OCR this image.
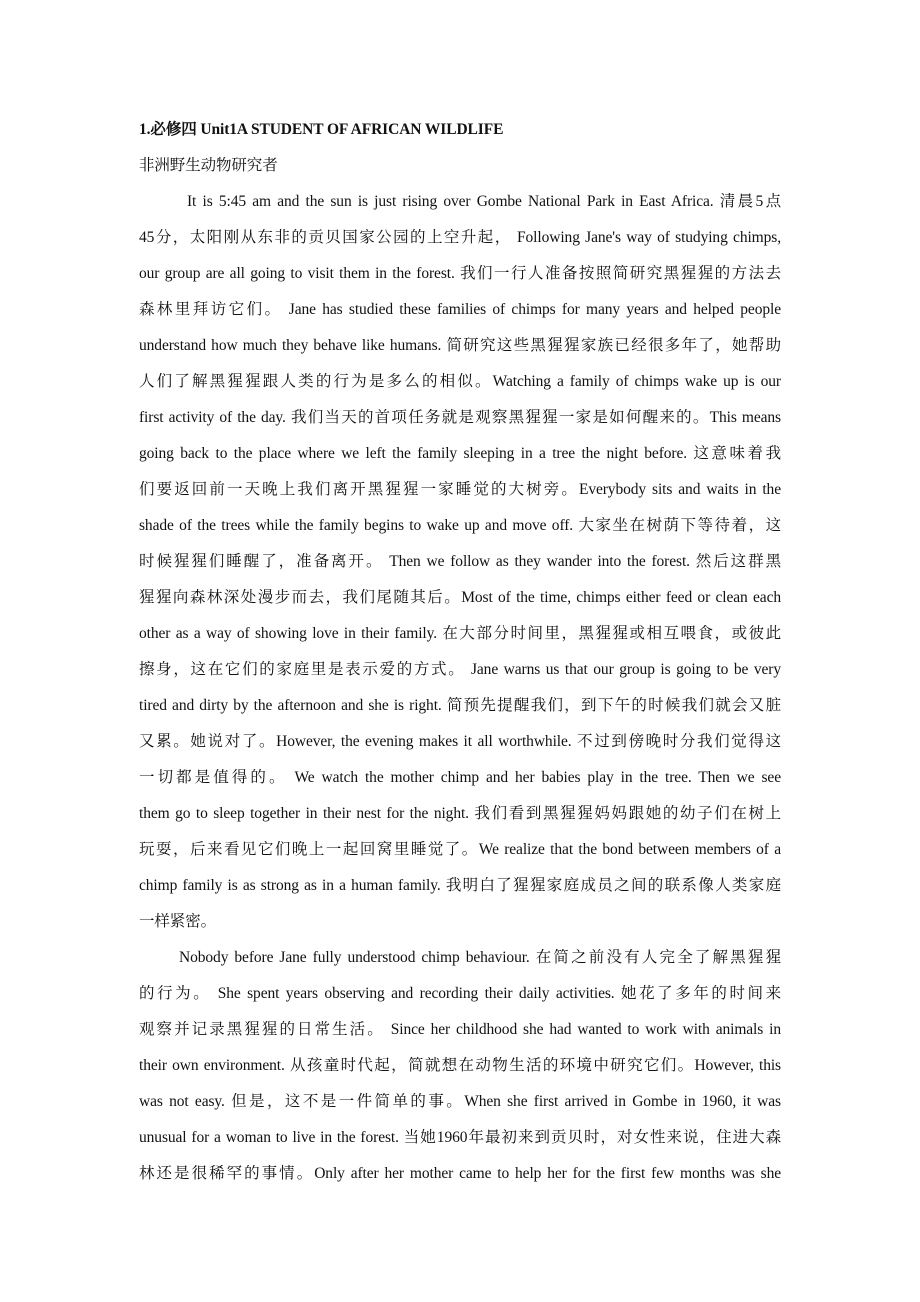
1.必修四 Unit1A STUDENT OF AFRICAN WILDLIFE
非洲野生动物研究者
It is 5:45 am and the sun is just rising over Gombe National Park in East Africa. 清晨5点
45分，太阳刚从东非的贡贝国家公园的上空升起， Following Jane's way of studying chimps,
our group are all going to visit them in the forest. 我们一行人准备按照简研究黑猩猩的方法去
森林里拜访它们。 Jane has studied these families of chimps for many years and helped people
understand how much they behave like humans. 简研究这些黑猩猩家族已经很多年了，她帮助
人们了解黑猩猩跟人类的行为是多么的相似。Watching a family of chimps wake up is our
first activity of the day. 我们当天的首项任务就是观察黑猩猩一家是如何醒来的。This means
going back to the place where we left the family sleeping in a tree the night before. 这意味着我
们要返回前一天晚上我们离开黑猩猩一家睡觉的大树旁。Everybody sits and waits in the
shade of the trees while the family begins to wake up and move off. 大家坐在树荫下等待着，这
时候猩猩们睡醒了，准备离开。 Then we follow as they wander into the forest. 然后这群黑
猩猩向森林深处漫步而去，我们尾随其后。Most of the time, chimps either feed or clean each
other as a way of showing love in their family. 在大部分时间里，黑猩猩或相互喂食，或彼此
擦身，这在它们的家庭里是表示爱的方式。 Jane warns us that our group is going to be very
tired and dirty by the afternoon and she is right. 简预先提醒我们，到下午的时候我们就会又脏
又累。她说对了。However, the evening makes it all worthwhile. 不过到傍晚时分我们觉得这
一切都是值得的。 We watch the mother chimp and her babies play in the tree. Then we see
them go to sleep together in their nest for the night. 我们看到黑猩猩妈妈跟她的幼子们在树上
玩耍，后来看见它们晚上一起回窝里睡觉了。We realize that the bond between members of a
chimp family is as strong as in a human family. 我明白了猩猩家庭成员之间的联系像人类家庭
一样紧密。
Nobody before Jane fully understood chimp behaviour. 在简之前没有人完全了解黑猩猩
的行为。 She spent years observing and recording their daily activities. 她花了多年的时间来
观察并记录黑猩猩的日常生活。 Since her childhood she had wanted to work with animals in
their own environment. 从孩童时代起，简就想在动物生活的环境中研究它们。However, this
was not easy. 但是，这不是一件简单的事。When she first arrived in Gombe in 1960, it was
unusual for a woman to live in the forest. 当她1960年最初来到贡贝时，对女性来说，住进大森
林还是很稀罕的事情。Only after her mother came to help her for the first few months was she
